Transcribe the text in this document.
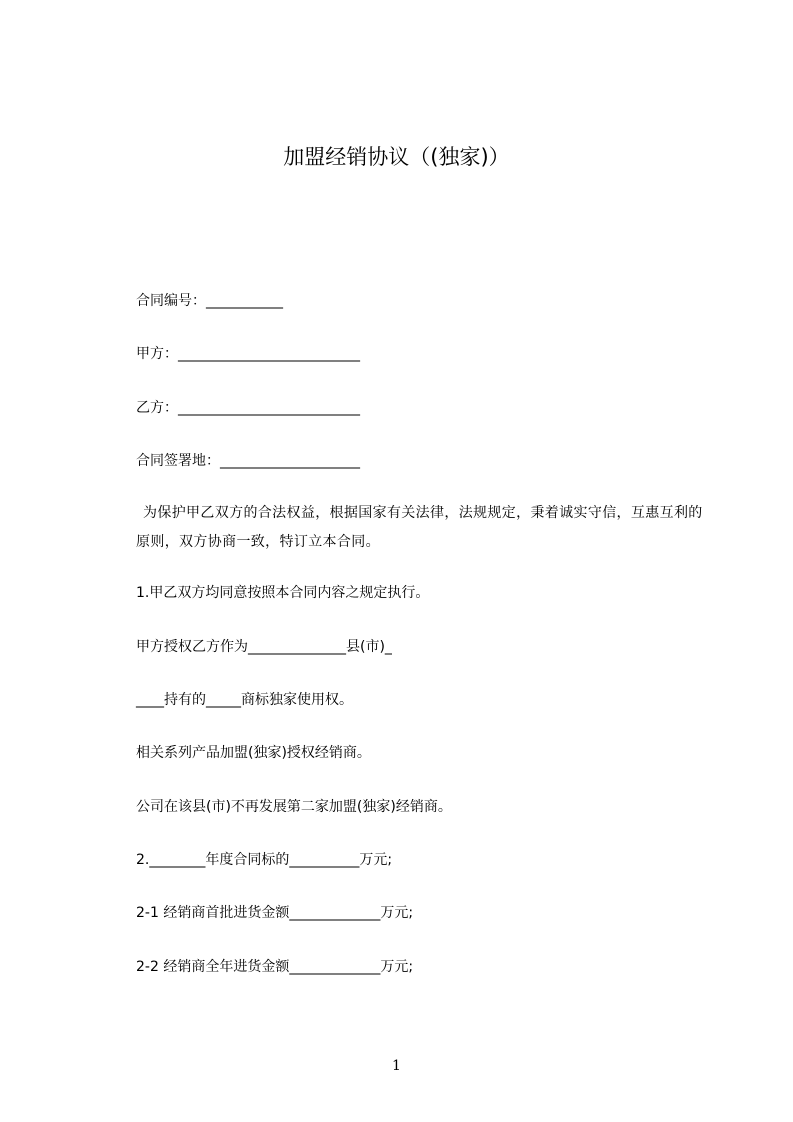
加盟经销协议（(独家)）

合同编号：___________

甲方：__________________________

乙方：__________________________

合同签署地：____________________

为保护甲乙双方的合法权益，根据国家有关法律，法规规定，秉着诚实守信，互惠互利的原则，双方协商一致，特订立本合同。

1.甲乙双方均同意按照本合同内容之规定执行。

甲方授权乙方作为______________县(市)_

____持有的_____商标独家使用权。

相关系列产品加盟(独家)授权经销商。

公司在该县(市)不再发展第二家加盟(独家)经销商。

2.________年度合同标的__________万元;

2-1 经销商首批进货金额_____________万元;

2-2 经销商全年进货金额_____________万元;

1
